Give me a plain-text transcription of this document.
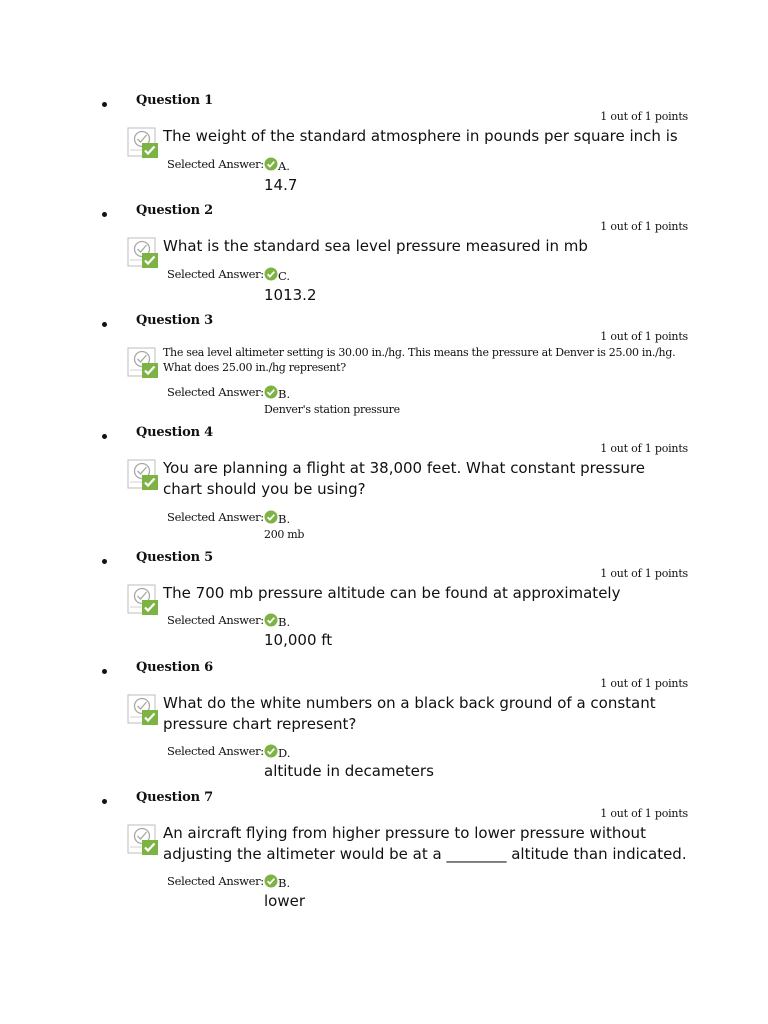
Question 1
1 out of 1 points
The weight of the standard atmosphere in pounds per square inch is
Selected Answer: A.
14.7
Question 2
1 out of 1 points
What is the standard sea level pressure measured in mb
Selected Answer: C.
1013.2
Question 3
1 out of 1 points
The sea level altimeter setting is 30.00 in./hg. This means the pressure at Denver is 25.00 in./hg. What does 25.00 in./hg represent?
Selected Answer: B.
Denver's station pressure
Question 4
1 out of 1 points
You are planning a flight at 38,000 feet. What constant pressure chart should you be using?
Selected Answer: B.
200 mb
Question 5
1 out of 1 points
The 700 mb pressure altitude can be found at approximately
Selected Answer: B.
10,000 ft
Question 6
1 out of 1 points
What do the white numbers on a black back ground of a constant pressure chart represent?
Selected Answer: D.
altitude in decameters
Question 7
1 out of 1 points
An aircraft flying from higher pressure to lower pressure without adjusting the altimeter would be at a ________ altitude than indicated.
Selected Answer: B.
lower
